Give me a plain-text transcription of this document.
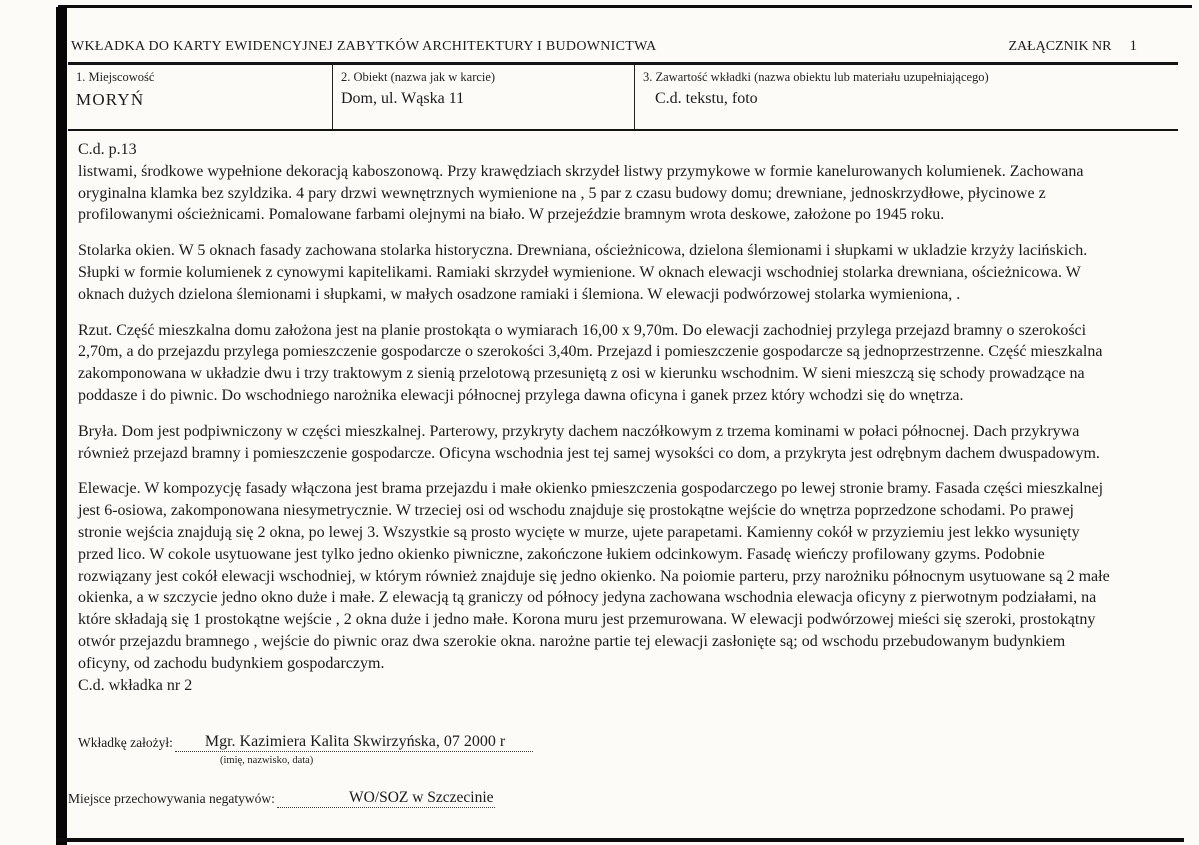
WKŁADKA DO KARTY EWIDENCYJNEJ ZABYTKÓW ARCHITEKTURY I BUDOWNICTWA	ZAŁĄCZNIK NR 1
1. Miejscowość
MORYŃ
2. Obiekt (nazwa jak w karcie)
Dom, ul. Wąska 11
3. Zawartość wkładki (nazwa obiektu lub materiału uzupełniającego)
C.d. tekstu, foto

C.d. p.13

listwami, środkowe wypełnione dekoracją kaboszonową. Przy krawędziach skrzydeł listwy przymykowe w formie kanelurowanych kolumienek. Zachowana oryginalna klamka bez szyldzika. 4 pary drzwi wewnętrznych wymienione na , 5 par z czasu budowy domu; drewniane, jednoskrzydłowe, płycinowe z profilowanymi ościeżnicami. Pomalowane farbami olejnymi na biało. W przejeździe bramnym wrota deskowe, założone po 1945 roku.

Stolarka okien. W 5 oknach fasady zachowana stolarka historyczna. Drewniana, ościeżnicowa, dzielona ślemionami i słupkami w ukladzie krzyży lacińskich. Słupki w formie kolumienek z cynowymi kapitelikami. Ramiaki skrzydeł wymienione. W oknach elewacji wschodniej stolarka drewniana, ościeżnicowa. W oknach dużych dzielona ślemionami i słupkami, w małych osadzone ramiaki i ślemiona. W elewacji podwórzowej stolarka wymieniona, .

Rzut. Część mieszkalna domu założona jest na planie prostokąta o wymiarach 16,00 x 9,70m. Do elewacji zachodniej przylega przejazd bramny o szerokości 2,70m, a do przejazdu przylega pomieszczenie gospodarcze o szerokości 3,40m. Przejazd i pomieszczenie gospodarcze są jednoprzestrzenne. Część mieszkalna zakomponowana w układzie dwu i trzy traktowym z sienią przelotową przesuniętą z osi w kierunku wschodnim. W sieni mieszczą się schody prowadzące na poddasze i do piwnic. Do wschodniego narożnika elewacji północnej przylega dawna oficyna i ganek przez który wchodzi się do wnętrza.

Bryła. Dom jest podpiwniczony w części mieszkalnej. Parterowy, przykryty dachem naczółkowym z trzema kominami w połaci północnej. Dach przykrywa również przejazd bramny i pomieszczenie gospodarcze. Oficyna wschodnia jest tej samej wysokści co dom, a przykryta jest odrębnym dachem dwuspadowym.

Elewacje. W kompozycję fasady włączona jest brama przejazdu i małe okienko pmieszczenia gospodarczego po lewej stronie bramy. Fasada części mieszkalnej jest 6-osiowa, zakomponowana niesymetrycznie. W trzeciej osi od wschodu znajduje się prostokątne wejście do wnętrza poprzedzone schodami. Po prawej stronie wejścia znajdują się 2 okna, po lewej 3. Wszystkie są prosto wycięte w murze, ujete parapetami. Kamienny cokół w przyziemiu jest lekko wysunięty przed lico. W cokole usytuowane jest tylko jedno okienko piwniczne, zakończone łukiem odcinkowym. Fasadę wieńczy profilowany gzyms. Podobnie rozwiązany jest cokół elewacji wschodniej, w którym również znajduje się jedno okienko. Na poiomie parteru, przy narożniku północnym usytuowane są 2 małe okienka, a w szczycie jedno okno duże i małe. Z elewacją tą graniczy od północy jedyna zachowana wschodnia elewacja oficyny z pierwotnym podziałami, na które składają się 1 prostokątne wejście , 2 okna duże i jedno małe. Korona muru jest przemurowana. W elewacji podwórzowej mieści się szeroki, prostokątny otwór przejazdu bramnego , wejście do piwnic oraz dwa szerokie okna. narożne partie tej elewacji zasłonięte są; od wschodu przebudowanym budynkiem oficyny, od zachodu budynkiem gospodarczym.

C.d. wkładka nr 2

Wkładkę założył:	Mgr. Kazimiera Kalita Skwirzyńska, 07 2000 r
(imię, nazwisko, data)
Miejsce przechowywania negatywów:	WO/SOZ w Szczecinie
